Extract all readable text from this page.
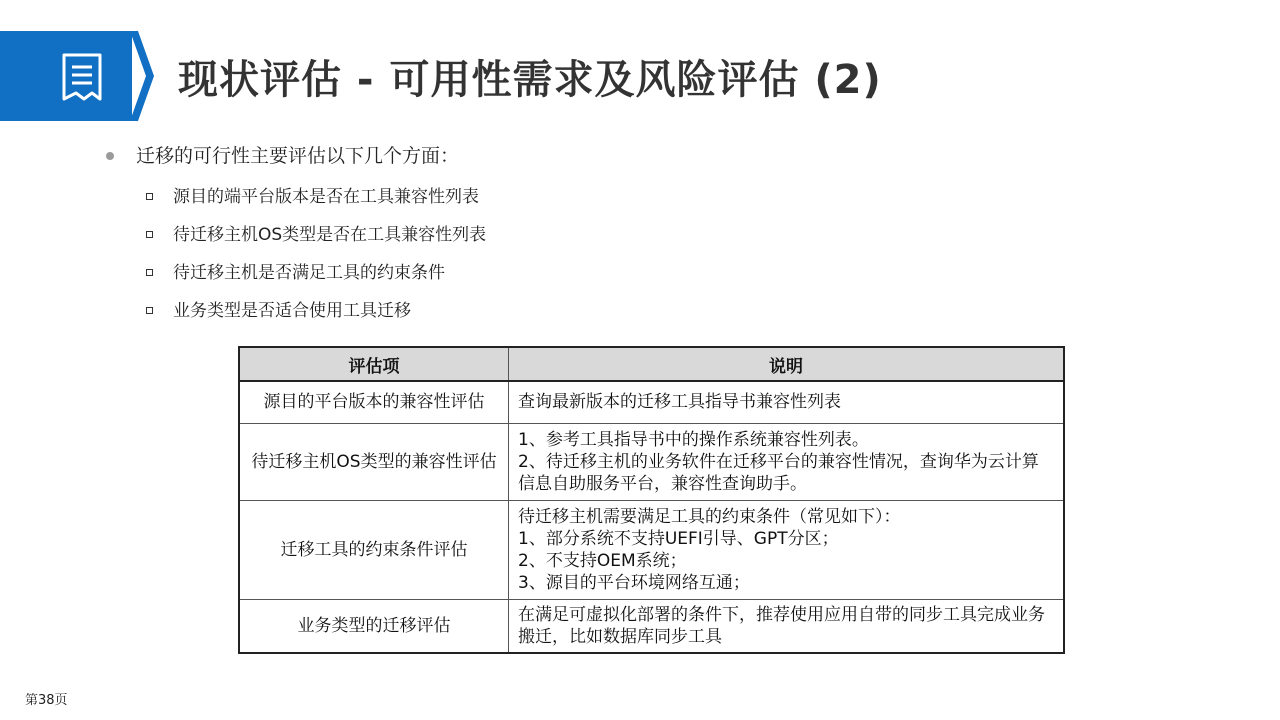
现状评估 - 可用性需求及风险评估 (2)
迁移的可行性主要评估以下几个方面：
源目的端平台版本是否在工具兼容性列表
待迁移主机OS类型是否在工具兼容性列表
待迁移主机是否满足工具的约束条件
业务类型是否适合使用工具迁移
评估项	说明
源目的平台版本的兼容性评估	查询最新版本的迁移工具指导书兼容性列表

待迁移主机OS类型的兼容性评估	1、参考工具指导书中的操作系统兼容性列表。
2、待迁移主机的业务软件在迁移平台的兼容性情况，查询华为云计算信息自助服务平台，兼容性查询助手。

迁移工具的约束条件评估	待迁移主机需要满足工具的约束条件（常见如下）：
1、部分系统不支持UEFI引导、GPT分区；
2、不支持OEM系统；
3、源目的平台环境网络互通；

业务类型的迁移评估	在满足可虚拟化部署的条件下，推荐使用应用自带的同步工具完成业务搬迁，比如数据库同步工具
第38页
